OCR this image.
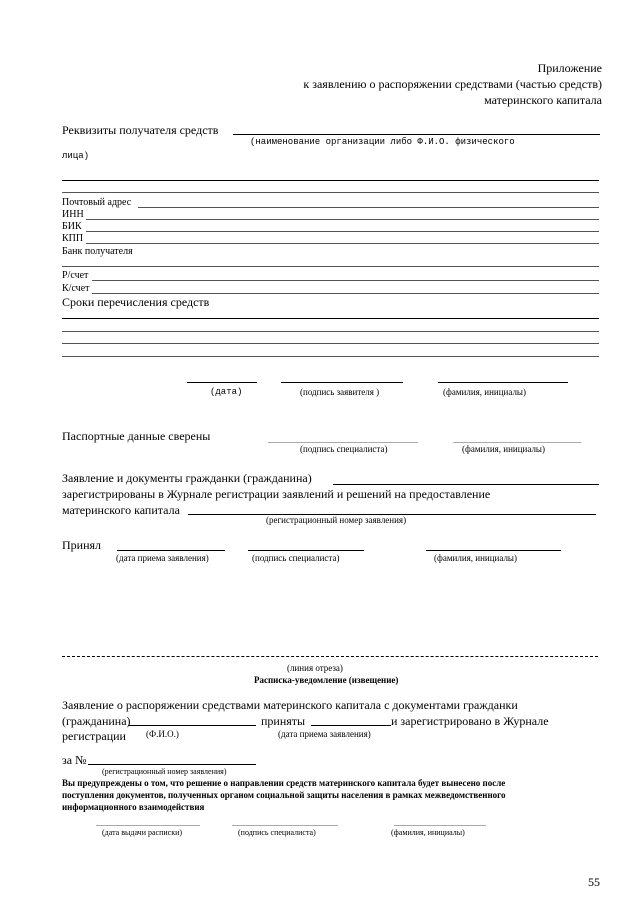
Приложение
к заявлению о распоряжении средствами (частью средств)
материнского капитала
Реквизиты получателя средств
(наименование организации либо Ф.И.О. физического
лица)
Почтовый адрес
ИНН
БИК
КПП
Банк получателя
Р/счет
К/счет
Сроки перечисления средств
(дата)	(подпись заявителя )	(фамилия, инициалы)
Паспортные данные сверены
(подпись специалиста)	(фамилия, инициалы)
Заявление и документы гражданки (гражданина)
зарегистрированы в Журнале регистрации заявлений и решений на предоставление
материнского капитала
(регистрационный номер заявления)
Принял
(дата приема заявления)	(подпись специалиста)	(фамилия, инициалы)
(линия отреза)
Расписка-уведомление (извещение)
Заявление о распоряжении средствами материнского капитала с документами гражданки
(гражданина)	приняты	и зарегистрировано в Журнале
регистрации (Ф.И.О.)	(дата приема заявления)
за №
(регистрационный номер заявления)
Вы предупреждены о том, что решение о направлении средств материнского капитала будет вынесено после
поступления документов, полученных органом социальной защиты населения в рамках межведомственного
информационного взаимодействия
(дата выдачи расписки)	(подпись специалиста)	(фамилия, инициалы)
55
